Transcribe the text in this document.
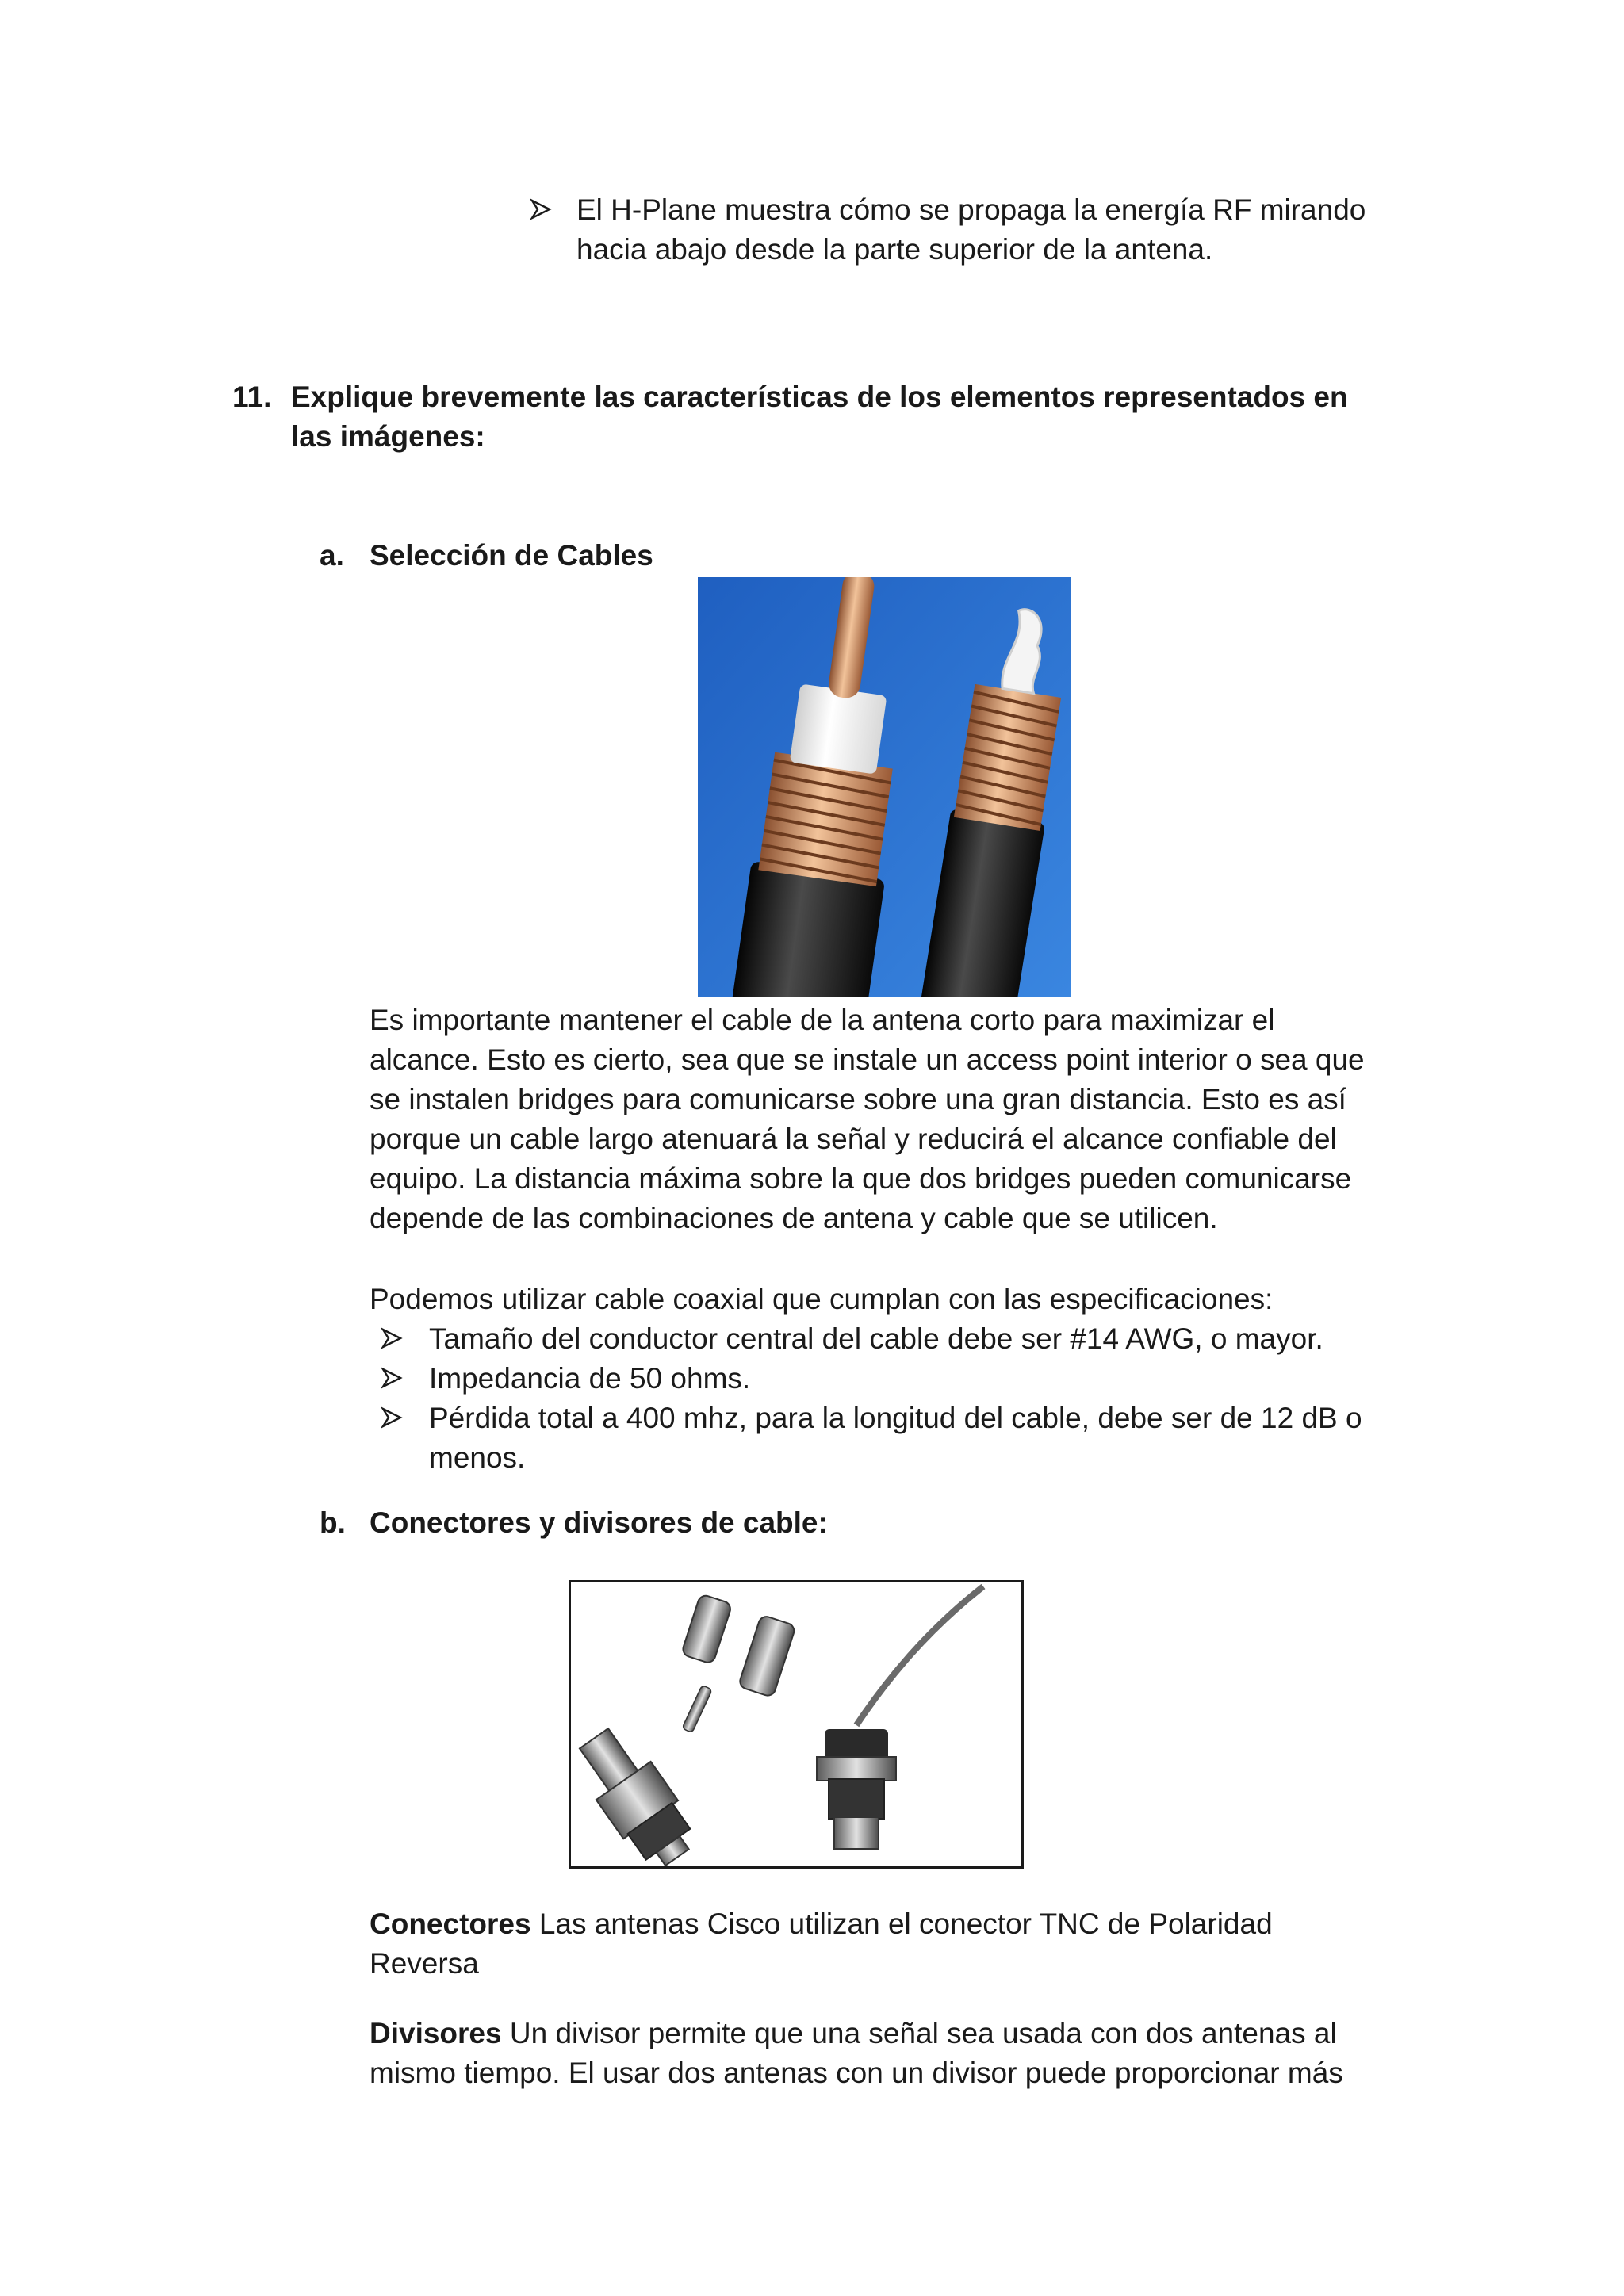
El H-Plane muestra cómo se propaga la energía RF mirando
hacia abajo desde la parte superior de la antena.
11. Explique brevemente las características de los elementos representados en
las imágenes:
a. Selección de Cables
Es importante mantener el cable de la antena corto para maximizar el
alcance. Esto es cierto, sea que se instale un access point interior o sea que
se instalen bridges para comunicarse sobre una gran distancia. Esto es así
porque un cable largo atenuará la señal y reducirá el alcance confiable del
equipo. La distancia máxima sobre la que dos bridges pueden comunicarse
depende de las combinaciones de antena y cable que se utilicen.
Podemos utilizar cable coaxial que cumplan con las especificaciones:
Tamaño del conductor central del cable debe ser #14 AWG, o mayor.
Impedancia de 50 ohms.
Pérdida total a 400 mhz, para la longitud del cable, debe ser de 12 dB o
menos.
b. Conectores y divisores de cable:
Conectores Las antenas Cisco utilizan el conector TNC de Polaridad
Reversa
Divisores Un divisor permite que una señal sea usada con dos antenas al
mismo tiempo. El usar dos antenas con un divisor puede proporcionar más
